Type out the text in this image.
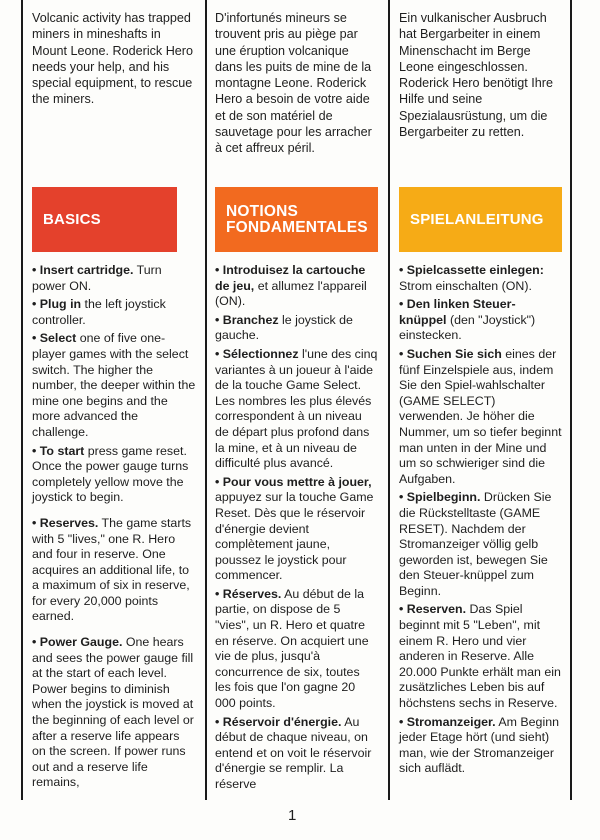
Volcanic activity has trapped miners in mineshafts in Mount Leone. Roderick Hero needs your help, and his special equipment, to rescue the miners.
BASICS
• Insert cartridge. Turn power ON.
• Plug in the left joystick controller.
• Select one of five one-player games with the select switch. The higher the number, the deeper within the mine one begins and the more advanced the challenge.
• To start press game reset. Once the power gauge turns completely yellow move the joystick to begin.
• Reserves. The game starts with 5 "lives," one R. Hero and four in reserve. One acquires an additional life, to a maximum of six in reserve, for every 20,000 points earned.
• Power Gauge. One hears and sees the power gauge fill at the start of each level. Power begins to diminish when the joystick is moved at the beginning of each level or after a reserve life appears on the screen. If power runs out and a reserve life remains,
D'infortunés mineurs se trouvent pris au piège par une éruption volcanique dans les puits de mine de la montagne Leone. Roderick Hero a besoin de votre aide et de son matériel de sauvetage pour les arracher à cet affreux péril.
NOTIONS FONDAMENTALES
• Introduisez la cartouche de jeu, et allumez l'appareil (ON).
• Branchez le joystick de gauche.
• Sélectionnez l'une des cinq variantes à un joueur à l'aide de la touche Game Select. Les nombres les plus élevés correspondent à un niveau de départ plus profond dans la mine, et à un niveau de difficulté plus avancé.
• Pour vous mettre à jouer, appuyez sur la touche Game Reset. Dès que le réservoir d'énergie devient complètement jaune, poussez le joystick pour commencer.
• Réserves. Au début de la partie, on dispose de 5 "vies", un R. Hero et quatre en réserve. On acquiert une vie de plus, jusqu'à concurrence de six, toutes les fois que l'on gagne 20 000 points.
• Réservoir d'énergie. Au début de chaque niveau, on entend et on voit le réservoir d'énergie se remplir. La réserve
Ein vulkanischer Ausbruch hat Bergarbeiter in einem Minenschacht im Berge Leone eingeschlossen. Roderick Hero benötigt Ihre Hilfe und seine Spezialausrüstung, um die Bergarbeiter zu retten.
SPIELANLEITUNG
• Spielcassette einlegen: Strom einschalten (ON).
• Den linken Steuer-knüppel (den "Joystick") einstecken.
• Suchen Sie sich eines der fünf Einzelspiele aus, indem Sie den Spiel-wahlschalter (GAME SELECT) verwenden. Je höher die Nummer, um so tiefer beginnt man unten in der Mine und um so schwieriger sind die Aufgaben.
• Spielbeginn. Drücken Sie die Rückstelltaste (GAME RESET). Nachdem der Stromanzeiger völlig gelb geworden ist, bewegen Sie den Steuer-knüppel zum Beginn.
• Reserven. Das Spiel beginnt mit 5 "Leben", mit einem R. Hero und vier anderen in Reserve. Alle 20.000 Punkte erhält man ein zusätzliches Leben bis auf höchstens sechs in Reserve.
• Stromanzeiger. Am Beginn jeder Etage hört (und sieht) man, wie der Stromanzeiger sich auflädt.
1
